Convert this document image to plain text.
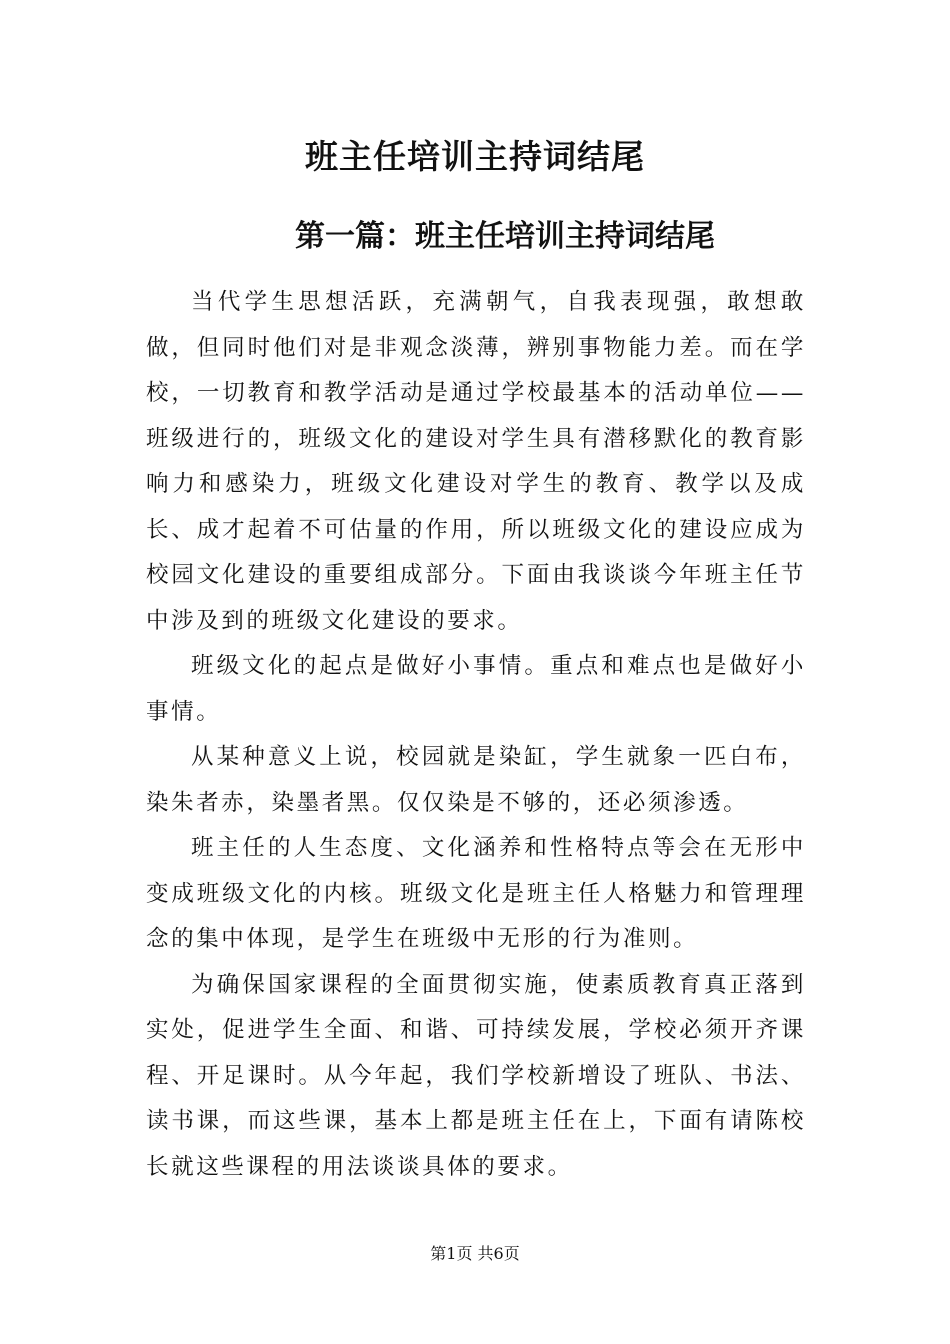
班主任培训主持词结尾
第一篇：班主任培训主持词结尾

当代学生思想活跃，充满朝气，自我表现强，敢想敢做，但同时他们对是非观念淡薄，辨别事物能力差。而在学校，一切教育和教学活动是通过学校最基本的活动单位——班级进行的，班级文化的建设对学生具有潜移默化的教育影响力和感染力，班级文化建设对学生的教育、教学以及成长、成才起着不可估量的作用，所以班级文化的建设应成为校园文化建设的重要组成部分。下面由我谈谈今年班主任节中涉及到的班级文化建设的要求。

班级文化的起点是做好小事情。重点和难点也是做好小事情。

从某种意义上说，校园就是染缸，学生就象一匹白布，染朱者赤，染墨者黑。仅仅染是不够的，还必须渗透。

班主任的人生态度、文化涵养和性格特点等会在无形中变成班级文化的内核。班级文化是班主任人格魅力和管理理念的集中体现，是学生在班级中无形的行为准则。

为确保国家课程的全面贯彻实施，使素质教育真正落到实处，促进学生全面、和谐、可持续发展，学校必须开齐课程、开足课时。从今年起，我们学校新增设了班队、书法、读书课，而这些课，基本上都是班主任在上，下面有请陈校长就这些课程的用法谈谈具体的要求。

第1页 共6页
